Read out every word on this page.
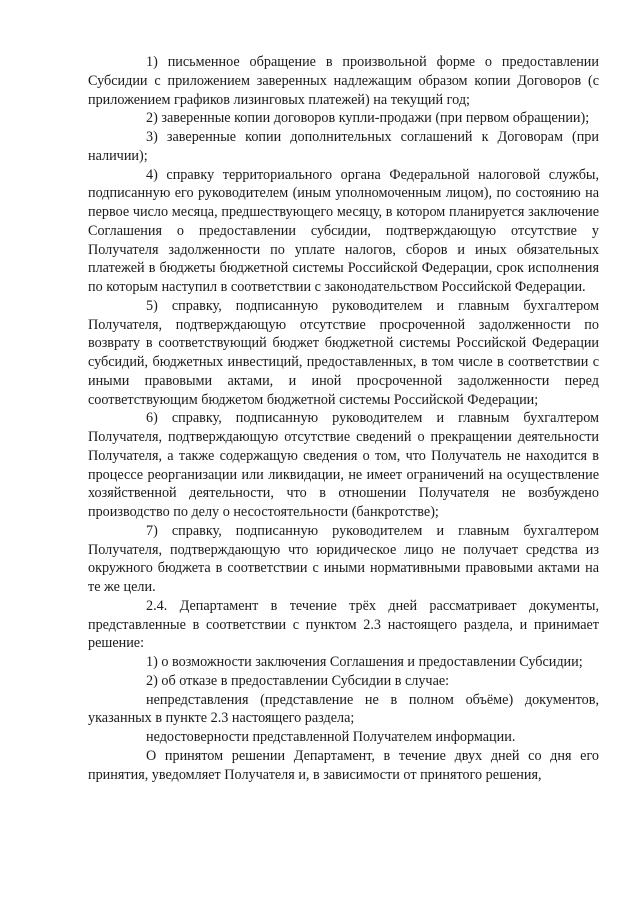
1) письменное обращение в произвольной форме о предоставлении Субсидии с приложением заверенных надлежащим образом копии Договоров (с приложением графиков лизинговых платежей) на текущий год;

2) заверенные копии договоров купли-продажи (при первом обращении);

3) заверенные копии дополнительных соглашений к Договорам (при наличии);

4) справку территориального органа Федеральной налоговой службы, подписанную его руководителем (иным уполномоченным лицом), по состоянию на первое число месяца, предшествующего месяцу, в котором планируется заключение Соглашения о предоставлении субсидии, подтверждающую отсутствие у Получателя задолженности по уплате налогов, сборов и иных обязательных платежей в бюджеты бюджетной системы Российской Федерации, срок исполнения по которым наступил в соответствии с законодательством Российской Федерации.

5) справку, подписанную руководителем и главным бухгалтером Получателя, подтверждающую отсутствие просроченной задолженности по возврату в соответствующий бюджет бюджетной системы Российской Федерации субсидий, бюджетных инвестиций, предоставленных, в том числе в соответствии с иными правовыми актами, и иной просроченной задолженности перед соответствующим бюджетом бюджетной системы Российской Федерации;

6) справку, подписанную руководителем и главным бухгалтером Получателя, подтверждающую отсутствие сведений о прекращении деятельности Получателя, а также содержащую сведения о том, что Получатель не находится в процессе реорганизации или ликвидации, не имеет ограничений на осуществление хозяйственной деятельности, что в отношении Получателя не возбуждено производство по делу о несостоятельности (банкротстве);

7) справку, подписанную руководителем и главным бухгалтером Получателя, подтверждающую что юридическое лицо не получает средства из окружного бюджета в соответствии с иными нормативными правовыми актами на те же цели.

2.4. Департамент в течение трёх дней рассматривает документы, представленные в соответствии с пунктом 2.3 настоящего раздела, и принимает решение:

1) о возможности заключения Соглашения и предоставлении Субсидии;

2) об отказе в предоставлении Субсидии в случае:

непредставления (представление не в полном объёме) документов, указанных в пункте 2.3 настоящего раздела;

недостоверности представленной Получателем информации.

О принятом решении Департамент, в течение двух дней со дня его принятия, уведомляет Получателя и, в зависимости от принятого решения,
